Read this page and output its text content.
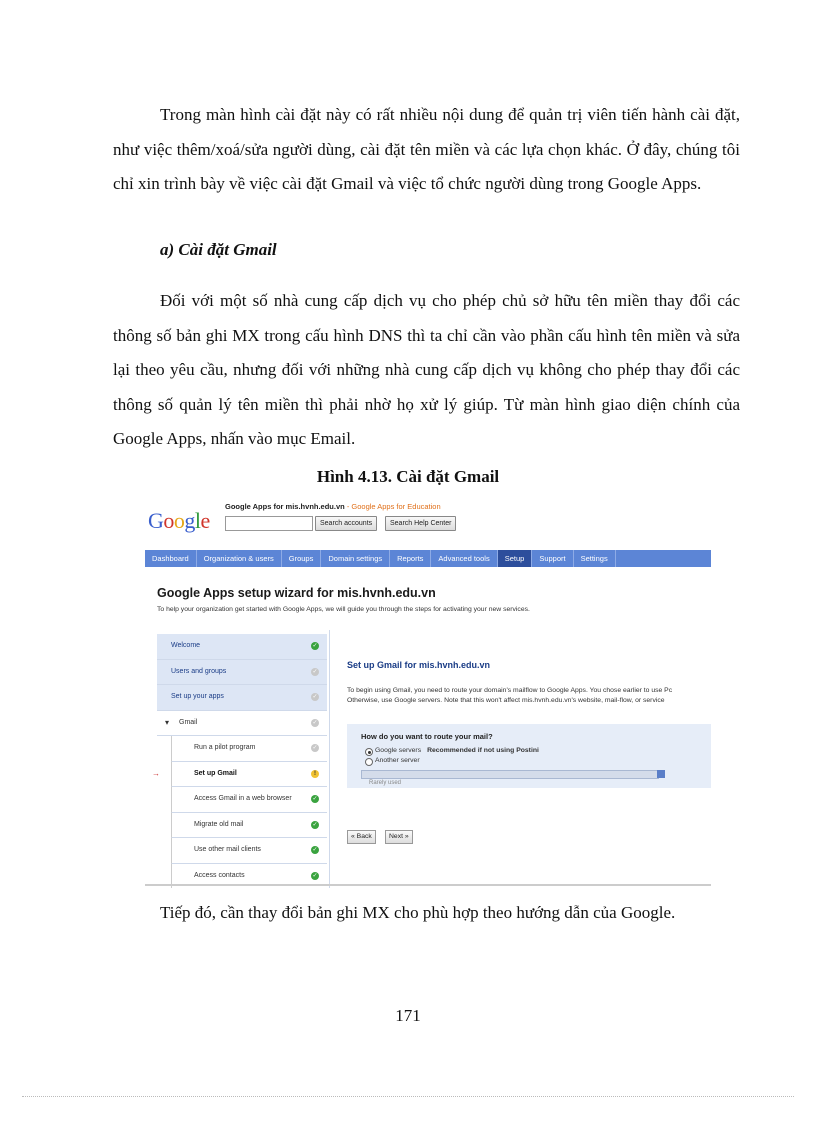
Trong màn hình cài đặt này có rất nhiều nội dung để quản trị viên tiến hành cài đặt, như việc thêm/xoá/sửa người dùng, cài đặt tên miền và các lựa chọn khác. Ở đây, chúng tôi chỉ xin trình bày về việc cài đặt Gmail và việc tổ chức người dùng trong Google Apps.

a) Cài đặt Gmail

Đối với một số nhà cung cấp dịch vụ cho phép chủ sở hữu tên miền thay đổi các thông số bản ghi MX trong cấu hình DNS thì ta chỉ cần vào phần cấu hình tên miền và sửa lại theo yêu cầu, nhưng đối với những nhà cung cấp dịch vụ không cho phép thay đổi các thông số quản lý tên miền thì phải nhờ họ xử lý giúp. Từ màn hình giao diện chính của Google Apps, nhấn vào mục Email.

Hình 4.13. Cài đặt Gmail

Google
Google Apps for mis.hvnh.edu.vn - Google Apps for Education
Search accounts	Search Help Center
Dashboard	Organization & users	Groups	Domain settings	Reports	Advanced tools	Setup	Support	Settings
Google Apps setup wizard for mis.hvnh.edu.vn
To help your organization get started with Google Apps, we will guide you through the steps for activating your new services.
Welcome	✓
Users and groups	✓
Set up your apps	✓
▾ Gmail	✓
Run a pilot program	✓
→	Set up Gmail	!
Access Gmail in a web browser	✓
Migrate old mail	✓
Use other mail clients	✓
Access contacts	✓
Set up Gmail for mis.hvnh.edu.vn
To begin using Gmail, you need to route your domain's mailflow to Google Apps. You chose earlier to use Pc
Otherwise, use Google servers. Note that this won't affect mis.hvnh.edu.vn's website, mail-flow, or service
How do you want to route your mail?
Google servers Recommended if not using Postini
Another server
Rarely used
« Back	Next »

Tiếp đó, cần thay đổi bản ghi MX cho phù hợp theo hướng dẫn của Google.

171
